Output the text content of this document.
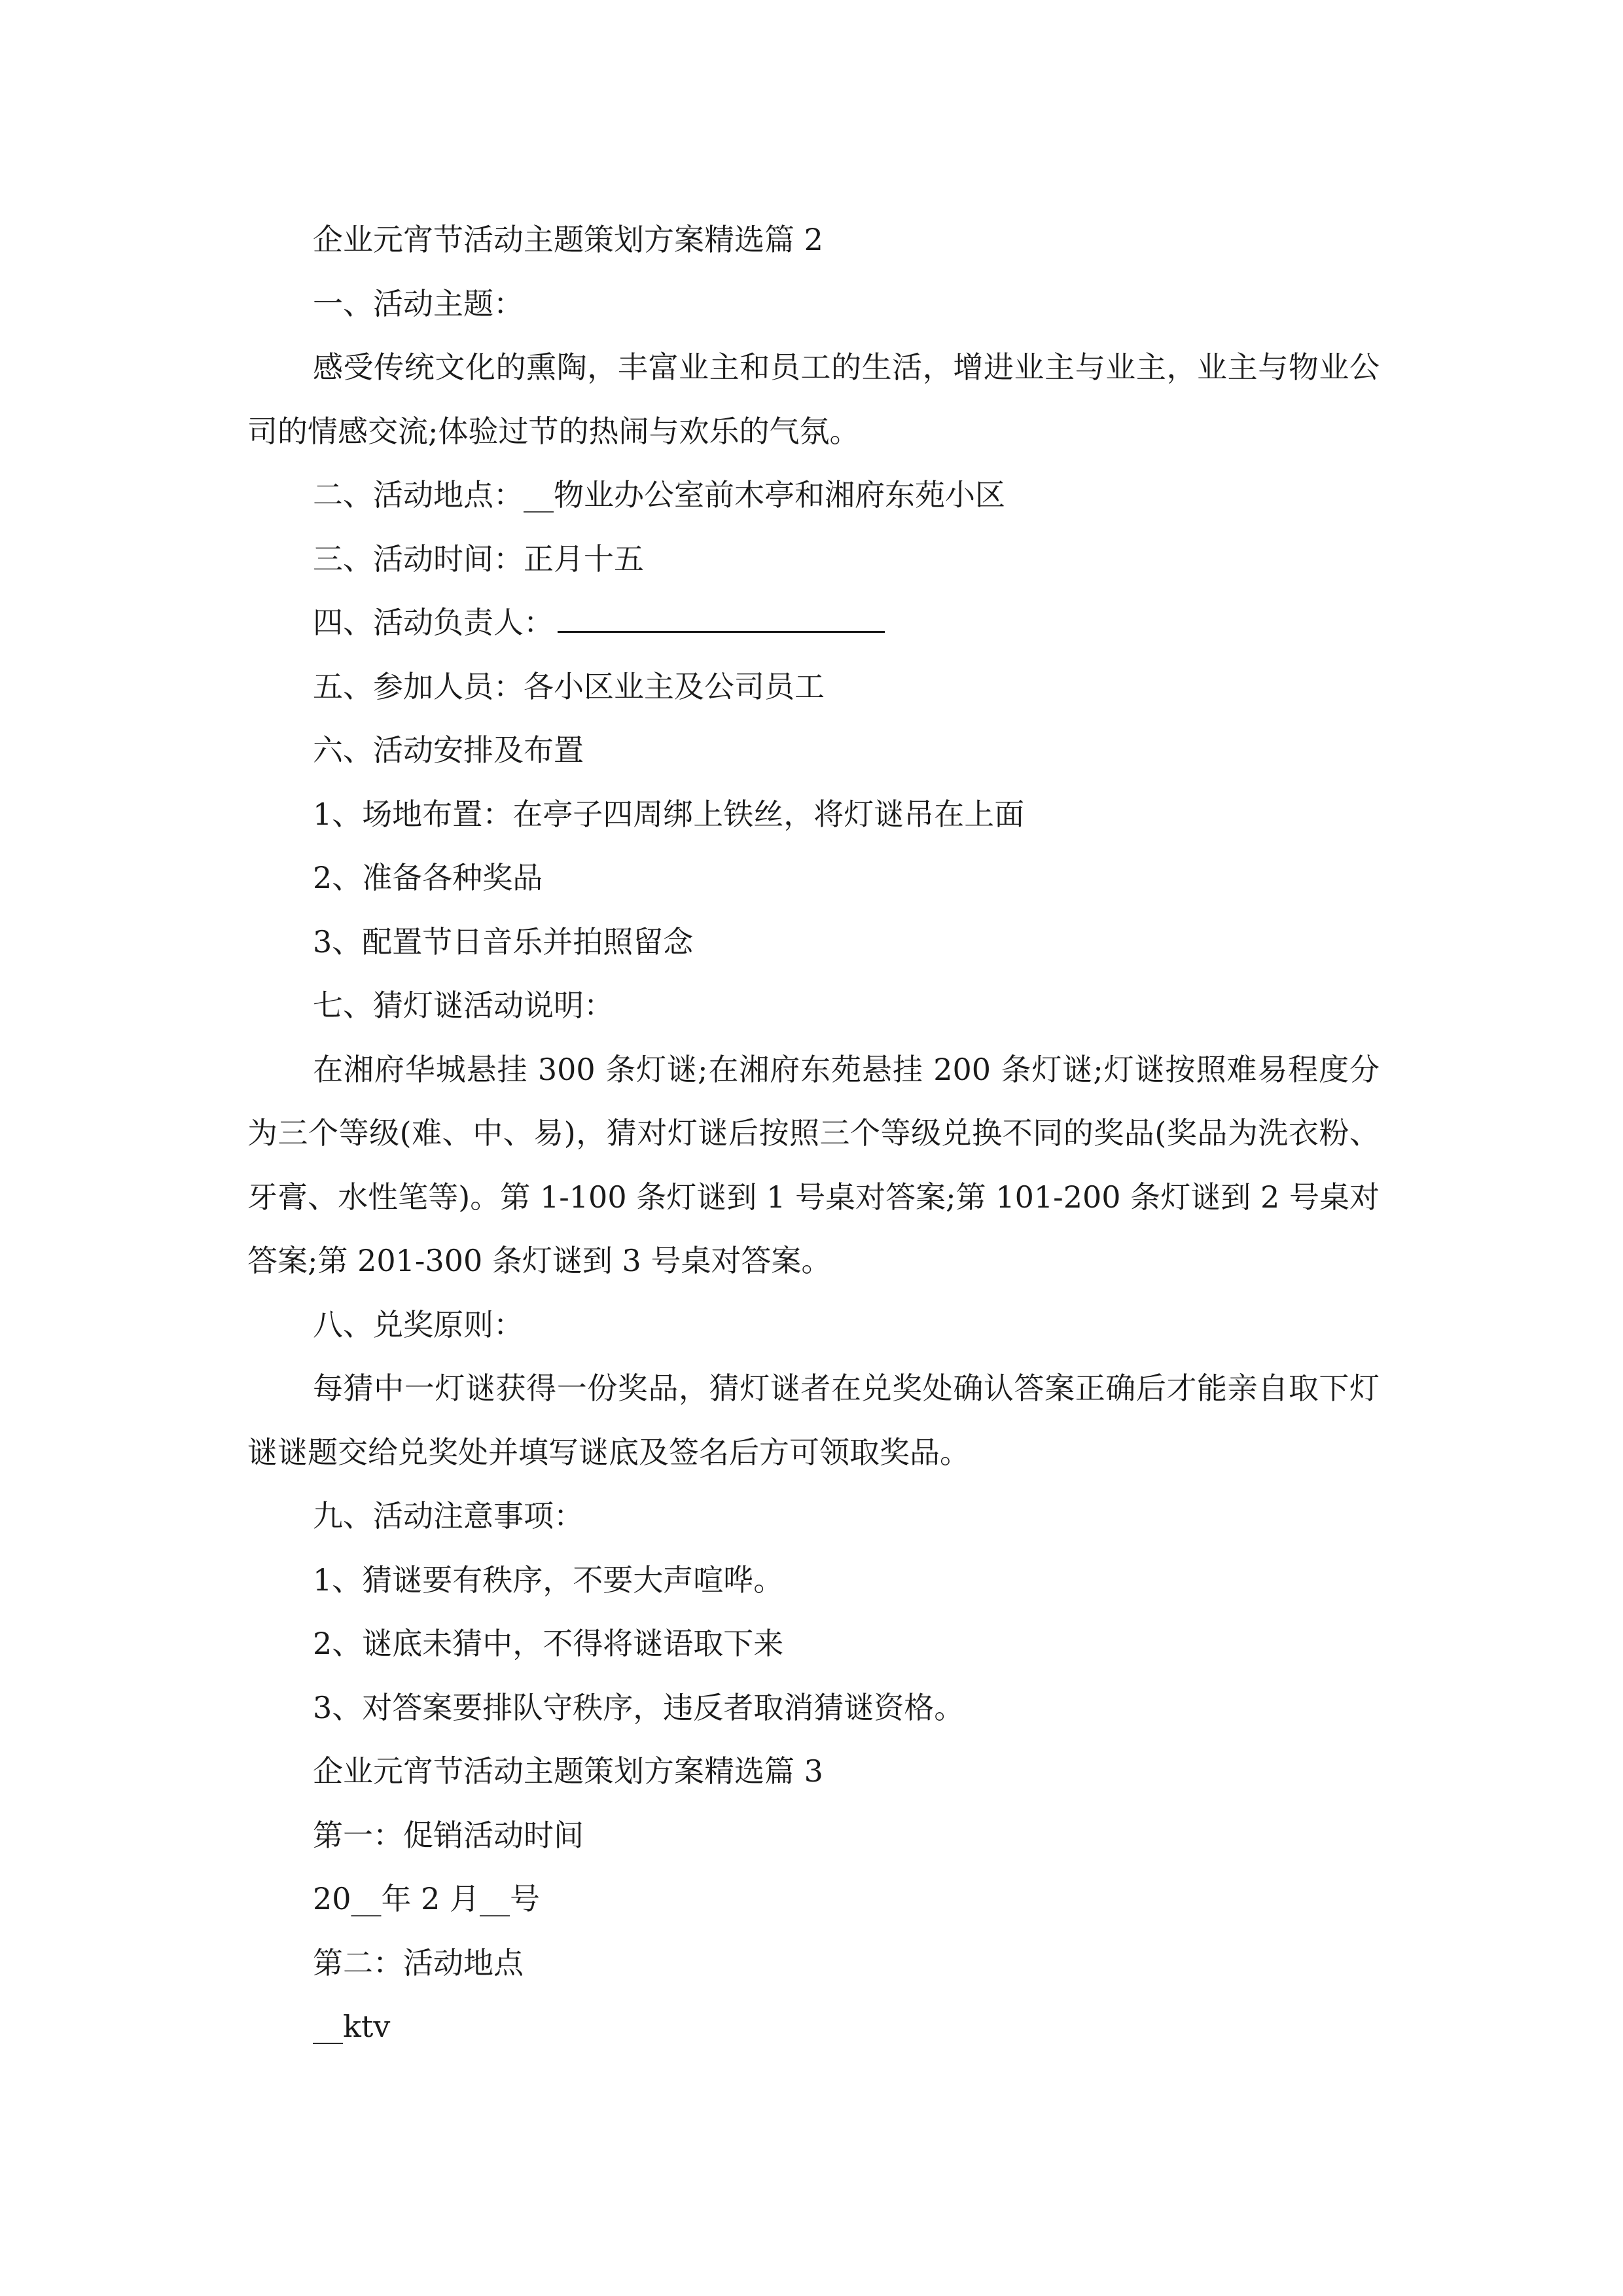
企业元宵节活动主题策划方案精选篇 2

一、活动主题：

感受传统文化的熏陶，丰富业主和员工的生活，增进业主与业主，业主与物业公司的情感交流;体验过节的热闹与欢乐的气氛。

二、活动地点：__物业办公室前木亭和湘府东苑小区

三、活动时间：正月十五

四、活动负责人：

五、参加人员：各小区业主及公司员工

六、活动安排及布置

1、场地布置：在亭子四周绑上铁丝，将灯谜吊在上面

2、准备各种奖品

3、配置节日音乐并拍照留念

七、猜灯谜活动说明：

在湘府华城悬挂 300 条灯谜;在湘府东苑悬挂 200 条灯谜;灯谜按照难易程度分为三个等级(难、中、易)，猜对灯谜后按照三个等级兑换不同的奖品(奖品为洗衣粉、牙膏、水性笔等)。第 1-100 条灯谜到 1 号桌对答案;第 101-200 条灯谜到 2 号桌对答案;第 201-300 条灯谜到 3 号桌对答案。

八、兑奖原则：

每猜中一灯谜获得一份奖品，猜灯谜者在兑奖处确认答案正确后才能亲自取下灯谜谜题交给兑奖处并填写谜底及签名后方可领取奖品。

九、活动注意事项：

1、猜谜要有秩序，不要大声喧哗。

2、谜底未猜中，不得将谜语取下来

3、对答案要排队守秩序，违反者取消猜谜资格。

企业元宵节活动主题策划方案精选篇 3

第一：促销活动时间

20__年 2 月__号

第二：活动地点

__ktv
